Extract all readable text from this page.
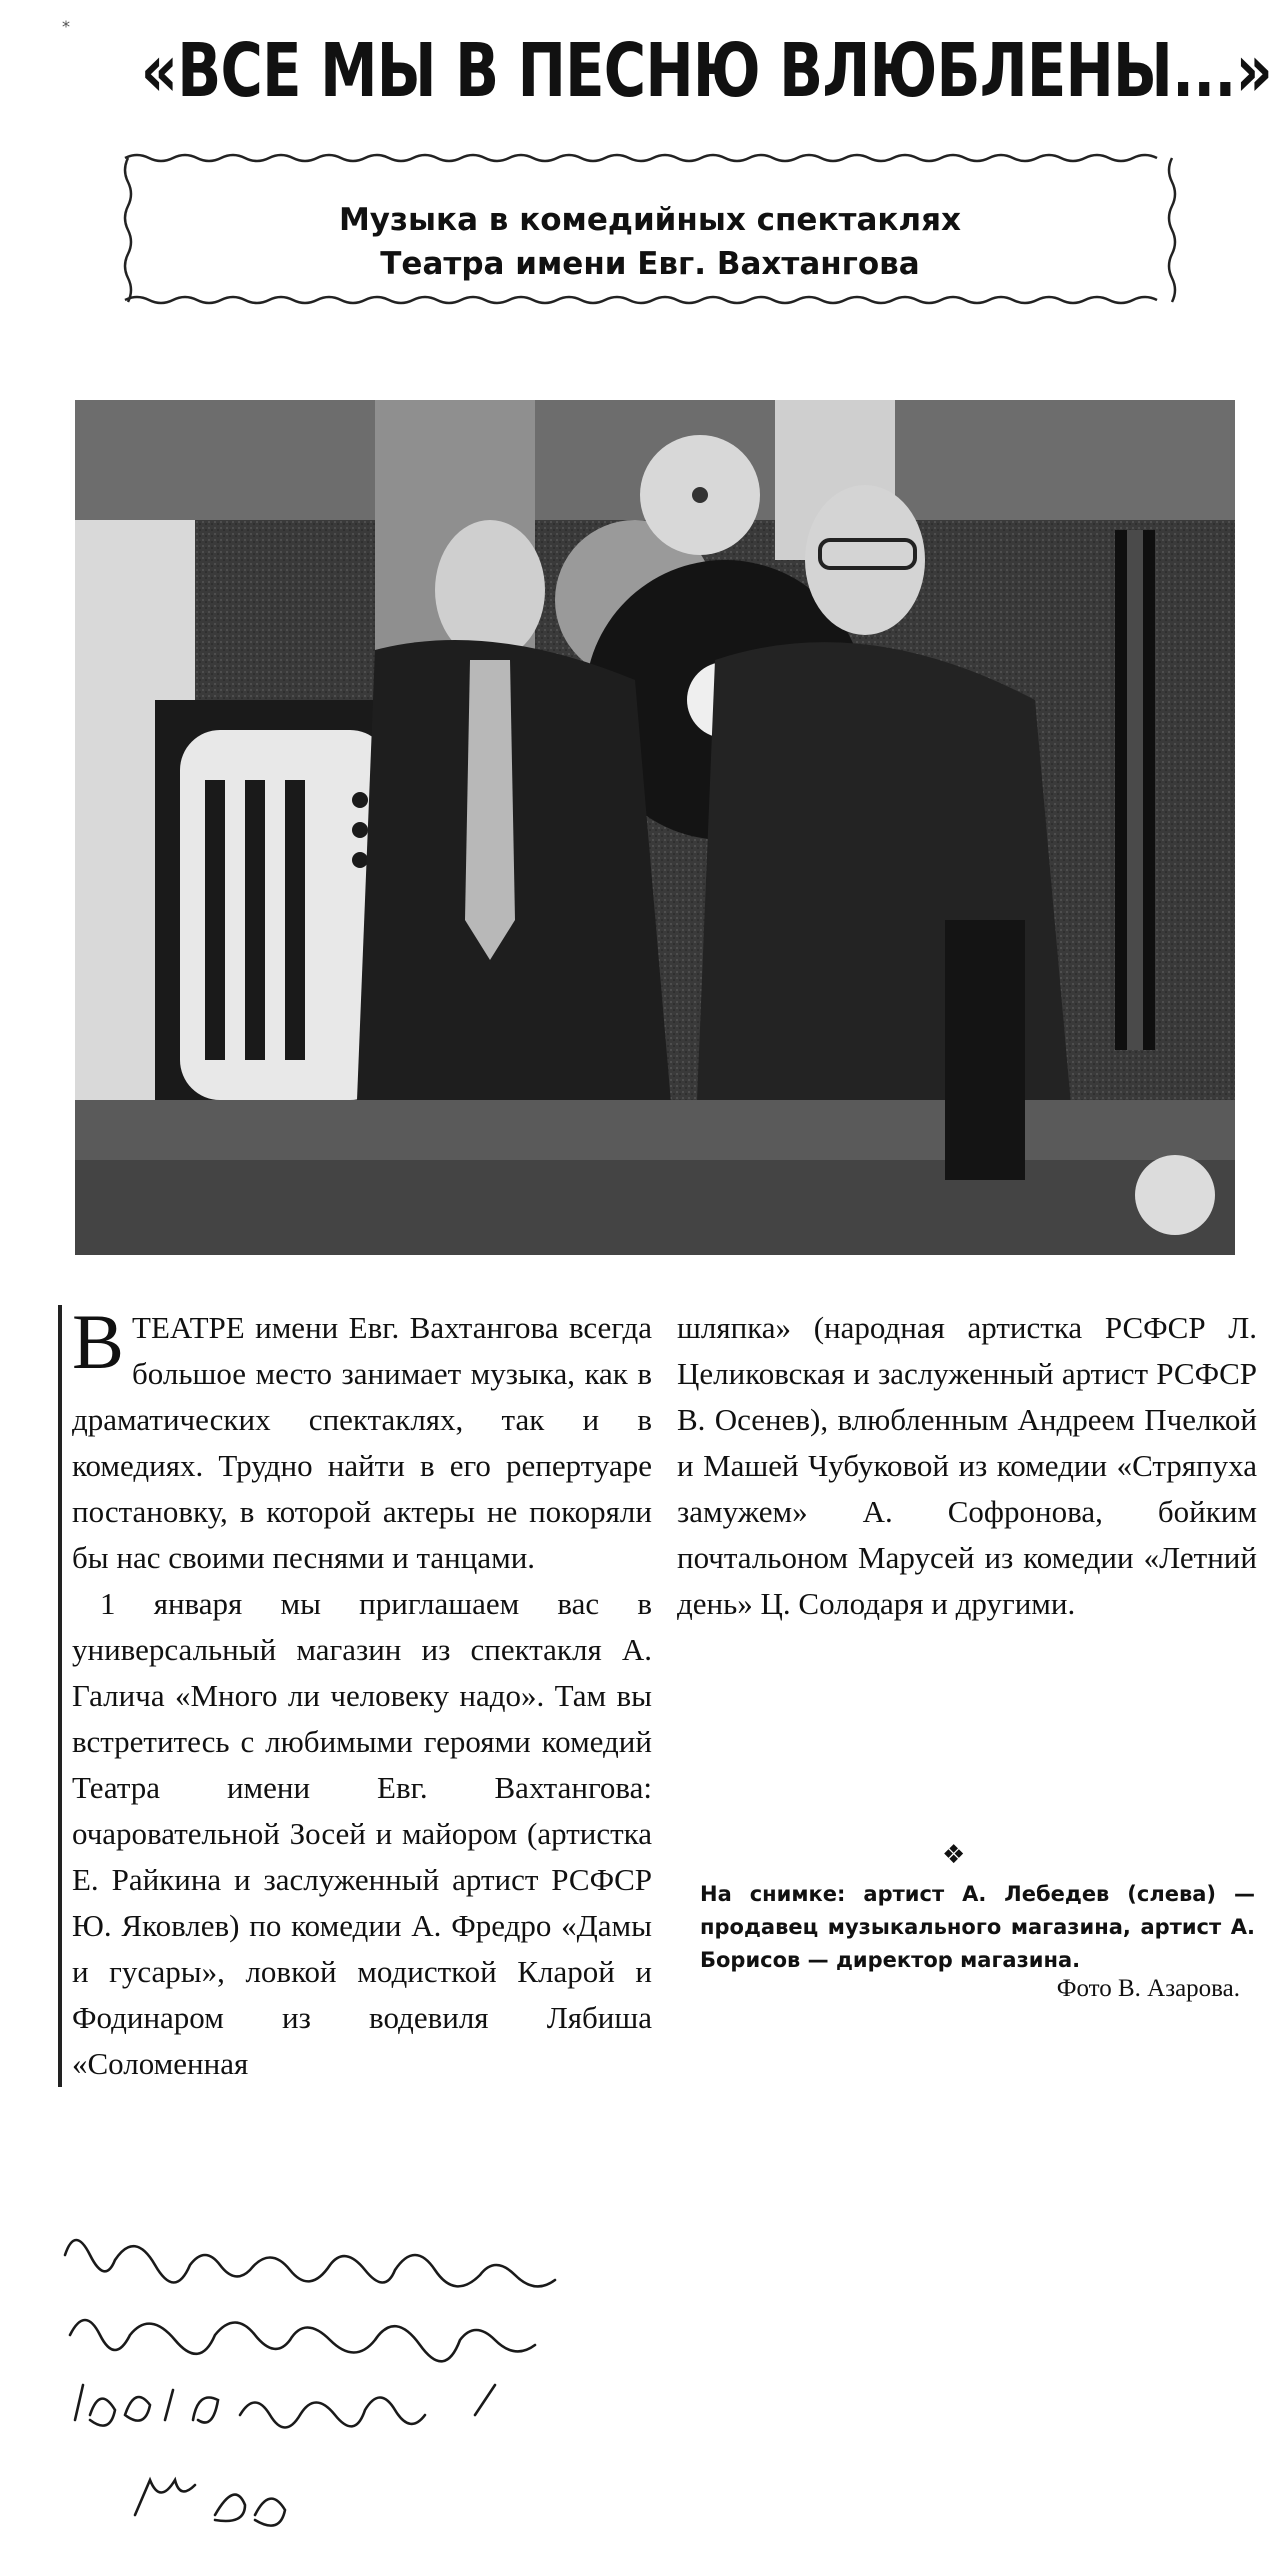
⁎
«ВСЕ МЫ В ПЕСНЮ ВЛЮБЛЕНЫ...»
Музыка в комедийных спектаклях
Театра имени Евг. Вахтангова

ВТЕАТРЕ имени Евг. Вахтангова всегда большое место занимает музыка, как в драматических спектаклях, так и в комедиях. Трудно найти в его репертуаре постановку, в которой актеры не покоряли бы нас своими песнями и танцами.

1 января мы приглашаем вас в универсальный магазин из спектакля А. Галича «Много ли человеку надо». Там вы встретитесь с любимыми героями комедий Театра имени Евг. Вахтангова: очаровательной Зосей и майором (артистка Е. Райкина и заслуженный артист РСФСР Ю. Яковлев) по комедии А. Фредро «Дамы и гусары», ловкой модисткой Кларой и Фодинаром из водевиля Лябиша «Соломенная

шляпка» (народная артистка РСФСР Л. Целиковская и заслуженный артист РСФСР В. Осенев), влюбленным Андреем Пчелкой и Машей Чубуковой из комедии «Стряпуха замужем» А. Софронова, бойким почтальоном Марусей из комедии «Летний день» Ц. Солодаря и другими.

❖
На снимке: артист А. Лебедев (слева) — продавец музыкального магазина, артист А. Борисов — директор магазина.
Фото В. Азарова.
